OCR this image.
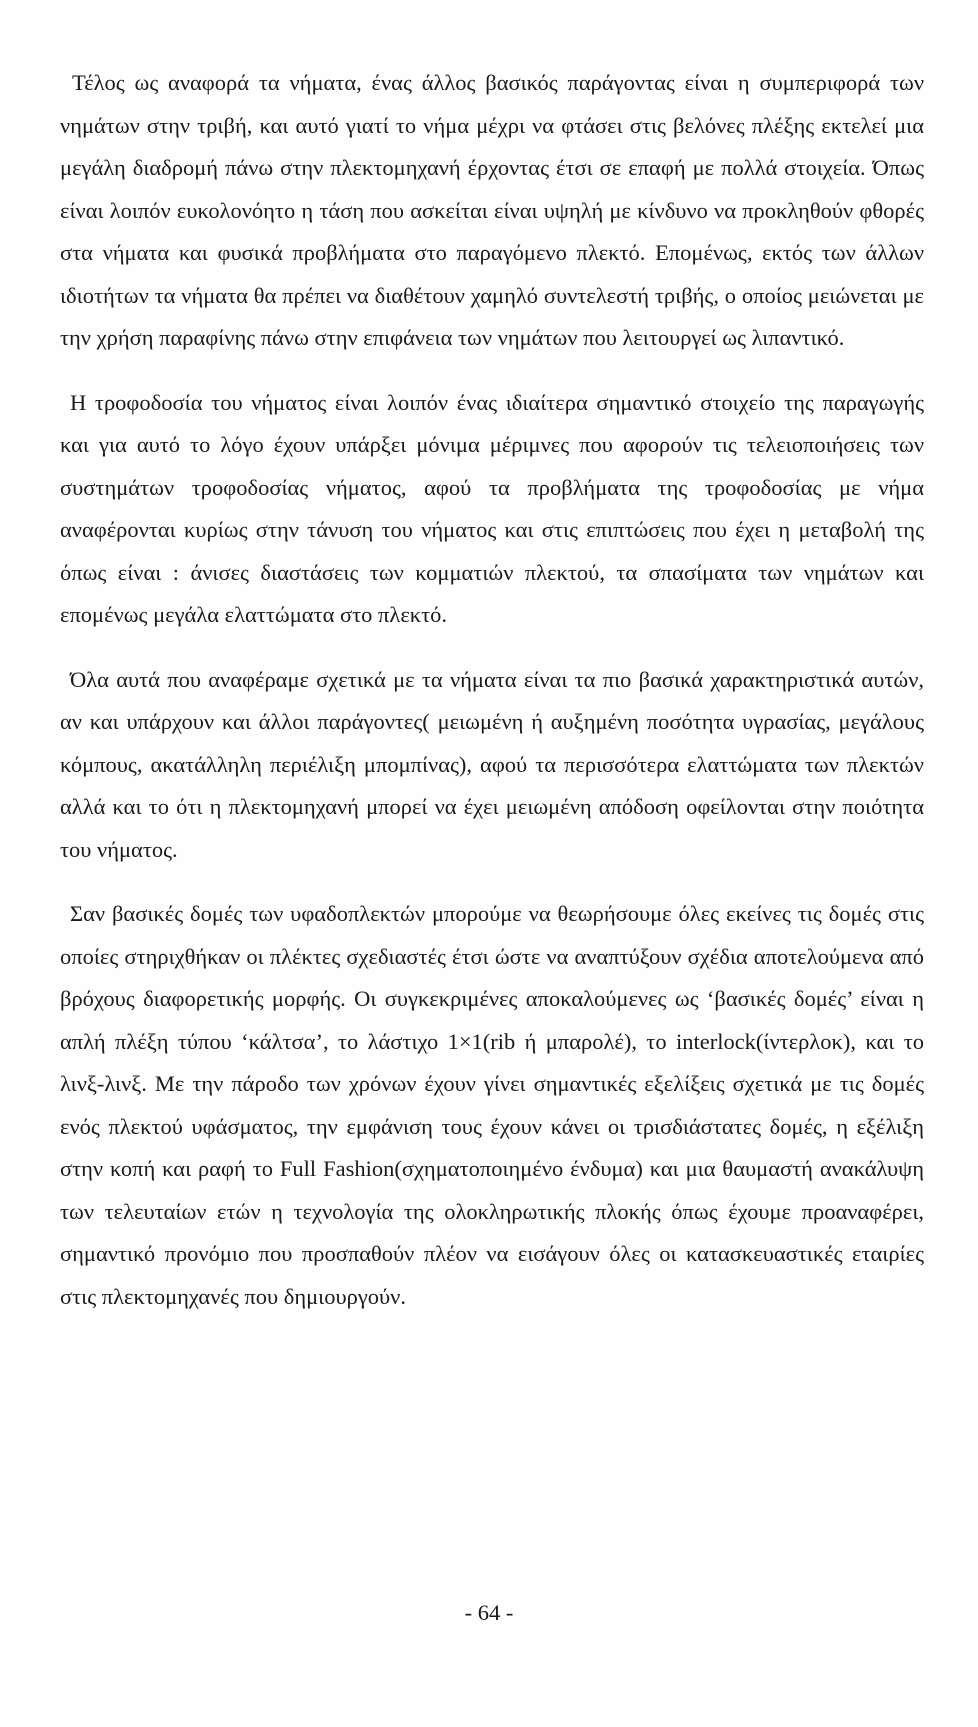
Τέλος ως αναφορά τα νήματα, ένας άλλος βασικός παράγοντας είναι η συμπεριφορά των νημάτων στην τριβή, και αυτό γιατί το νήμα μέχρι να φτάσει στις βελόνες πλέξης εκτελεί μια μεγάλη διαδρομή πάνω στην πλεκτομηχανή έρχοντας έτσι σε επαφή με πολλά στοιχεία. Όπως είναι λοιπόν ευκολονόητο η τάση που ασκείται είναι υψηλή με κίνδυνο να προκληθούν φθορές στα νήματα και φυσικά προβλήματα στο παραγόμενο πλεκτό. Επομένως, εκτός των άλλων ιδιοτήτων τα νήματα θα πρέπει να διαθέτουν χαμηλό συντελεστή τριβής, ο οποίος μειώνεται με την χρήση παραφίνης πάνω στην επιφάνεια των νημάτων που λειτουργεί ως λιπαντικό.

Η τροφοδοσία του νήματος είναι λοιπόν ένας ιδιαίτερα σημαντικό στοιχείο της παραγωγής και για αυτό το λόγο έχουν υπάρξει μόνιμα μέριμνες που αφορούν τις τελειοποιήσεις των συστημάτων τροφοδοσίας νήματος, αφού τα προβλήματα της τροφοδοσίας με νήμα αναφέρονται κυρίως στην τάνυση του νήματος και στις επιπτώσεις που έχει η μεταβολή της όπως είναι : άνισες διαστάσεις των κομματιών πλεκτού, τα σπασίματα των νημάτων και επομένως μεγάλα ελαττώματα στο πλεκτό.

Όλα αυτά που αναφέραμε σχετικά με τα νήματα είναι τα πιο βασικά χαρακτηριστικά αυτών, αν και υπάρχουν και άλλοι παράγοντες( μειωμένη ή αυξημένη ποσότητα υγρασίας, μεγάλους κόμπους, ακατάλληλη περιέλιξη μπομπίνας), αφού τα περισσότερα ελαττώματα των πλεκτών αλλά και το ότι η πλεκτομηχανή μπορεί να έχει μειωμένη απόδοση οφείλονται στην ποιότητα του νήματος.

Σαν βασικές δομές των υφαδοπλεκτών μπορούμε να θεωρήσουμε όλες εκείνες τις δομές στις οποίες στηριχθήκαν οι πλέκτες σχεδιαστές έτσι ώστε να αναπτύξουν σχέδια αποτελούμενα από βρόχους διαφορετικής μορφής. Οι συγκεκριμένες αποκαλούμενες ως ‘βασικές δομές’ είναι η απλή πλέξη τύπου ‘κάλτσα’, το λάστιχο 1×1(rib ή μπαρολέ), το interlock(ίντερλοκ), και το λινξ-λινξ. Με την πάροδο των χρόνων έχουν γίνει σημαντικές εξελίξεις σχετικά με τις δομές ενός πλεκτού υφάσματος, την εμφάνιση τους έχουν κάνει οι τρισδιάστατες δομές, η εξέλιξη στην κοπή και ραφή το Full Fashion(σχηματοποιημένο ένδυμα) και μια θαυμαστή ανακάλυψη των τελευταίων ετών η τεχνολογία της ολοκληρωτικής πλοκής όπως έχουμε προαναφέρει, σημαντικό προνόμιο που προσπαθούν πλέον να εισάγουν όλες οι κατασκευαστικές εταιρίες στις πλεκτομηχανές που δημιουργούν.

- 64 -
